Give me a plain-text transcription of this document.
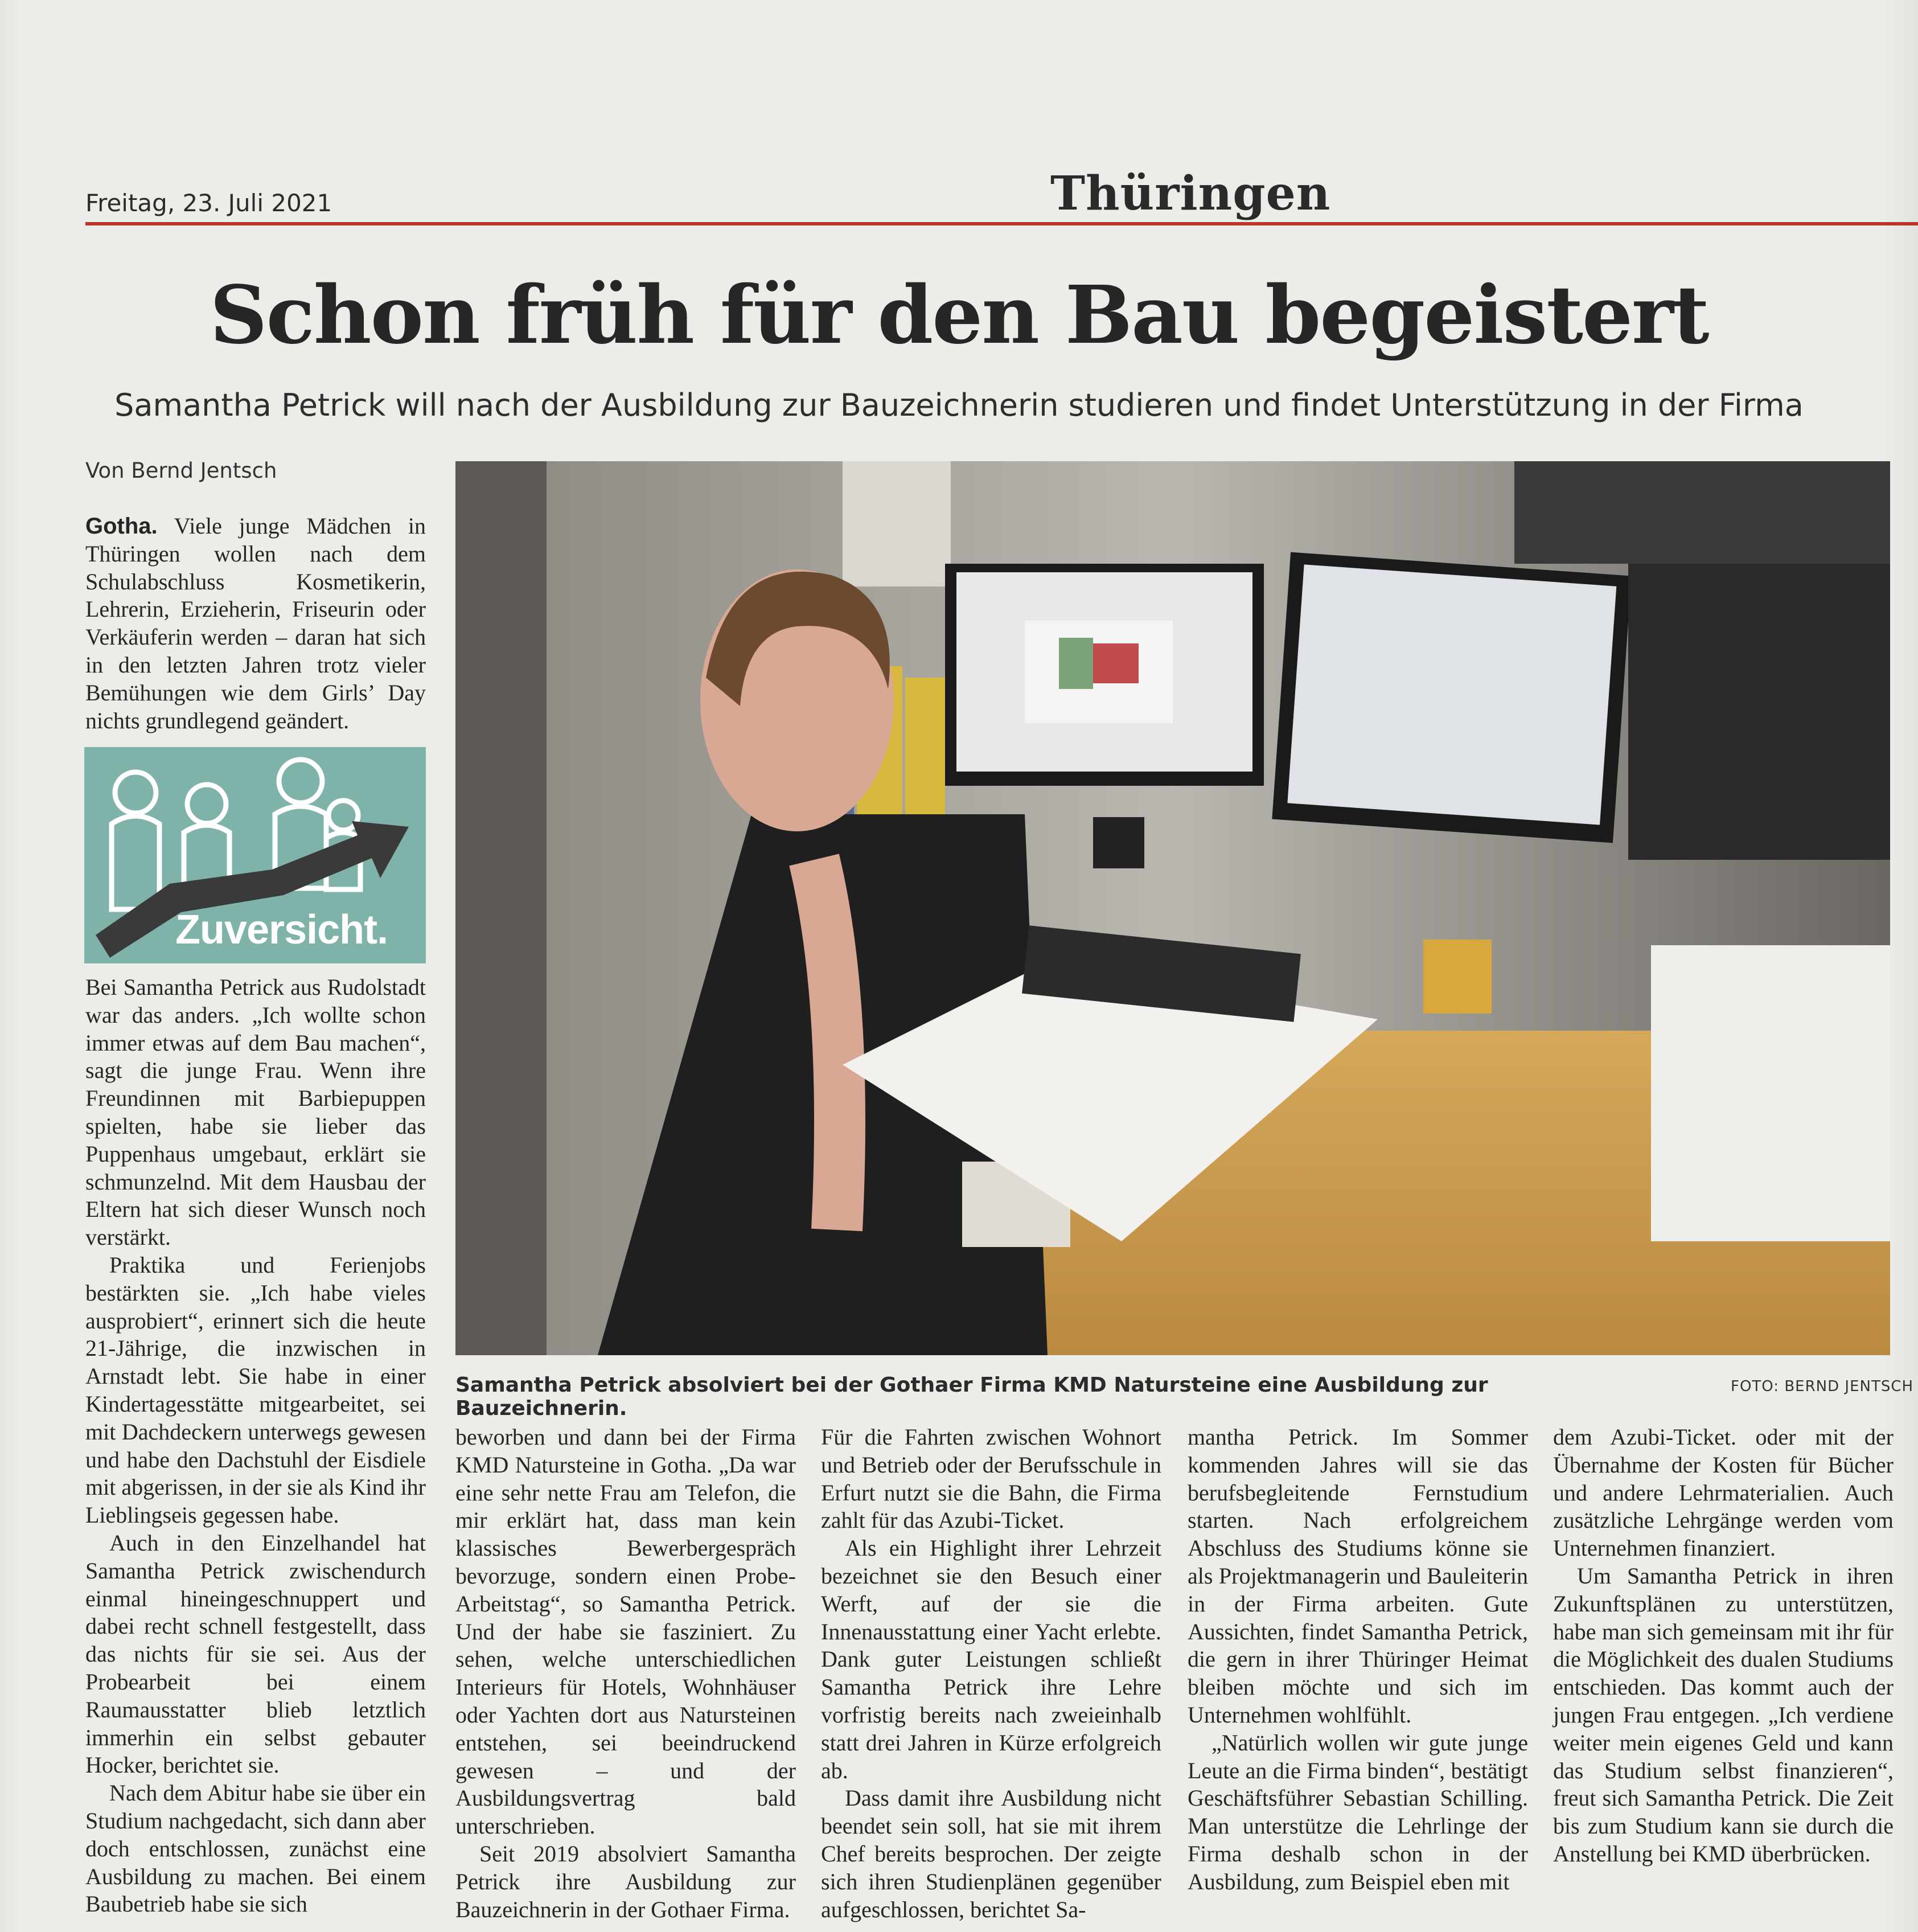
Freitag, 23. Juli 2021	Thüringen
Schon früh für den Bau begeistert
Samantha Petrick will nach der Ausbildung zur Bauzeichnerin studieren und findet Unterstützung in der Firma
Von Bernd Jentsch

Gotha. Viele junge Mädchen in Thüringen wollen nach dem Schulabschluss Kosmetikerin, Lehrerin, Erzieherin, Friseurin oder Verkäuferin werden – daran hat sich in den letzten Jahren trotz vieler Bemühungen wie dem Girls’ Day nichts grundlegend geändert.

Zuversicht.

Bei Samantha Petrick aus Rudolstadt war das anders. „Ich wollte schon immer etwas auf dem Bau machen“, sagt die junge Frau. Wenn ihre Freundinnen mit Barbiepuppen spielten, habe sie lieber das Puppenhaus umgebaut, erklärt sie schmunzelnd. Mit dem Hausbau der Eltern hat sich dieser Wunsch noch verstärkt.

Praktika und Ferienjobs bestärkten sie. „Ich habe vieles ausprobiert“, erinnert sich die heute 21-Jährige, die inzwischen in Arnstadt lebt. Sie habe in einer Kindertagesstätte mitgearbeitet, sei mit Dachdeckern unterwegs gewesen und habe den Dachstuhl der Eisdiele mit abgerissen, in der sie als Kind ihr Lieblingseis gegessen habe.

Auch in den Einzelhandel hat Samantha Petrick zwischendurch einmal hineingeschnuppert und dabei recht schnell festgestellt, dass das nichts für sie sei. Aus der Probearbeit bei einem Raumausstatter blieb letztlich immerhin ein selbst gebauter Hocker, berichtet sie.

Nach dem Abitur habe sie über ein Studium nachgedacht, sich dann aber doch entschlossen, zunächst eine Ausbildung zu machen. Bei einem Baubetrieb habe sie sich

Samantha Petrick absolviert bei der Gothaer Firma KMD Natursteine eine Ausbildung zur Bauzeichnerin.
FOTO: BERND JENTSCH

beworben und dann bei der Firma KMD Natursteine in Gotha. „Da war eine sehr nette Frau am Telefon, die mir erklärt hat, dass man kein klassisches Bewerbergespräch bevorzuge, sondern einen Probe-Arbeitstag“, so Samantha Petrick. Und der habe sie fasziniert. Zu sehen, welche unterschiedlichen Interieurs für Hotels, Wohnhäuser oder Yachten dort aus Natursteinen entstehen, sei beeindruckend gewesen – und der Ausbildungsvertrag bald unterschrieben.

Seit 2019 absolviert Samantha Petrick ihre Ausbildung zur Bauzeichnerin in der Gothaer Firma.

Für die Fahrten zwischen Wohnort und Betrieb oder der Berufsschule in Erfurt nutzt sie die Bahn, die Firma zahlt für das Azubi-Ticket.

Als ein Highlight ihrer Lehrzeit bezeichnet sie den Besuch einer Werft, auf der sie die Innenausstattung einer Yacht erlebte. Dank guter Leistungen schließt Samantha Petrick ihre Lehre vorfristig bereits nach zweieinhalb statt drei Jahren in Kürze erfolgreich ab.

Dass damit ihre Ausbildung nicht beendet sein soll, hat sie mit ihrem Chef bereits besprochen. Der zeigte sich ihren Studienplänen gegenüber aufgeschlossen, berichtet Sa-

mantha Petrick. Im Sommer kommenden Jahres will sie das berufsbegleitende Fernstudium starten. Nach erfolgreichem Abschluss des Studiums könne sie als Projektmanagerin und Bauleiterin in der Firma arbeiten. Gute Aussichten, findet Samantha Petrick, die gern in ihrer Thüringer Heimat bleiben möchte und sich im Unternehmen wohlfühlt.

„Natürlich wollen wir gute junge Leute an die Firma binden“, bestätigt Geschäftsführer Sebastian Schilling. Man unterstütze die Lehrlinge der Firma deshalb schon in der Ausbildung, zum Beispiel eben mit

dem Azubi-Ticket. oder mit der Übernahme der Kosten für Bücher und andere Lehrmaterialien. Auch zusätzliche Lehrgänge werden vom Unternehmen finanziert.

Um Samantha Petrick in ihren Zukunftsplänen zu unterstützen, habe man sich gemeinsam mit ihr für die Möglichkeit des dualen Studiums entschieden. Das kommt auch der jungen Frau entgegen. „Ich verdiene weiter mein eigenes Geld und kann das Studium selbst finanzieren“, freut sich Samantha Petrick. Die Zeit bis zum Studium kann sie durch die Anstellung bei KMD überbrücken.
